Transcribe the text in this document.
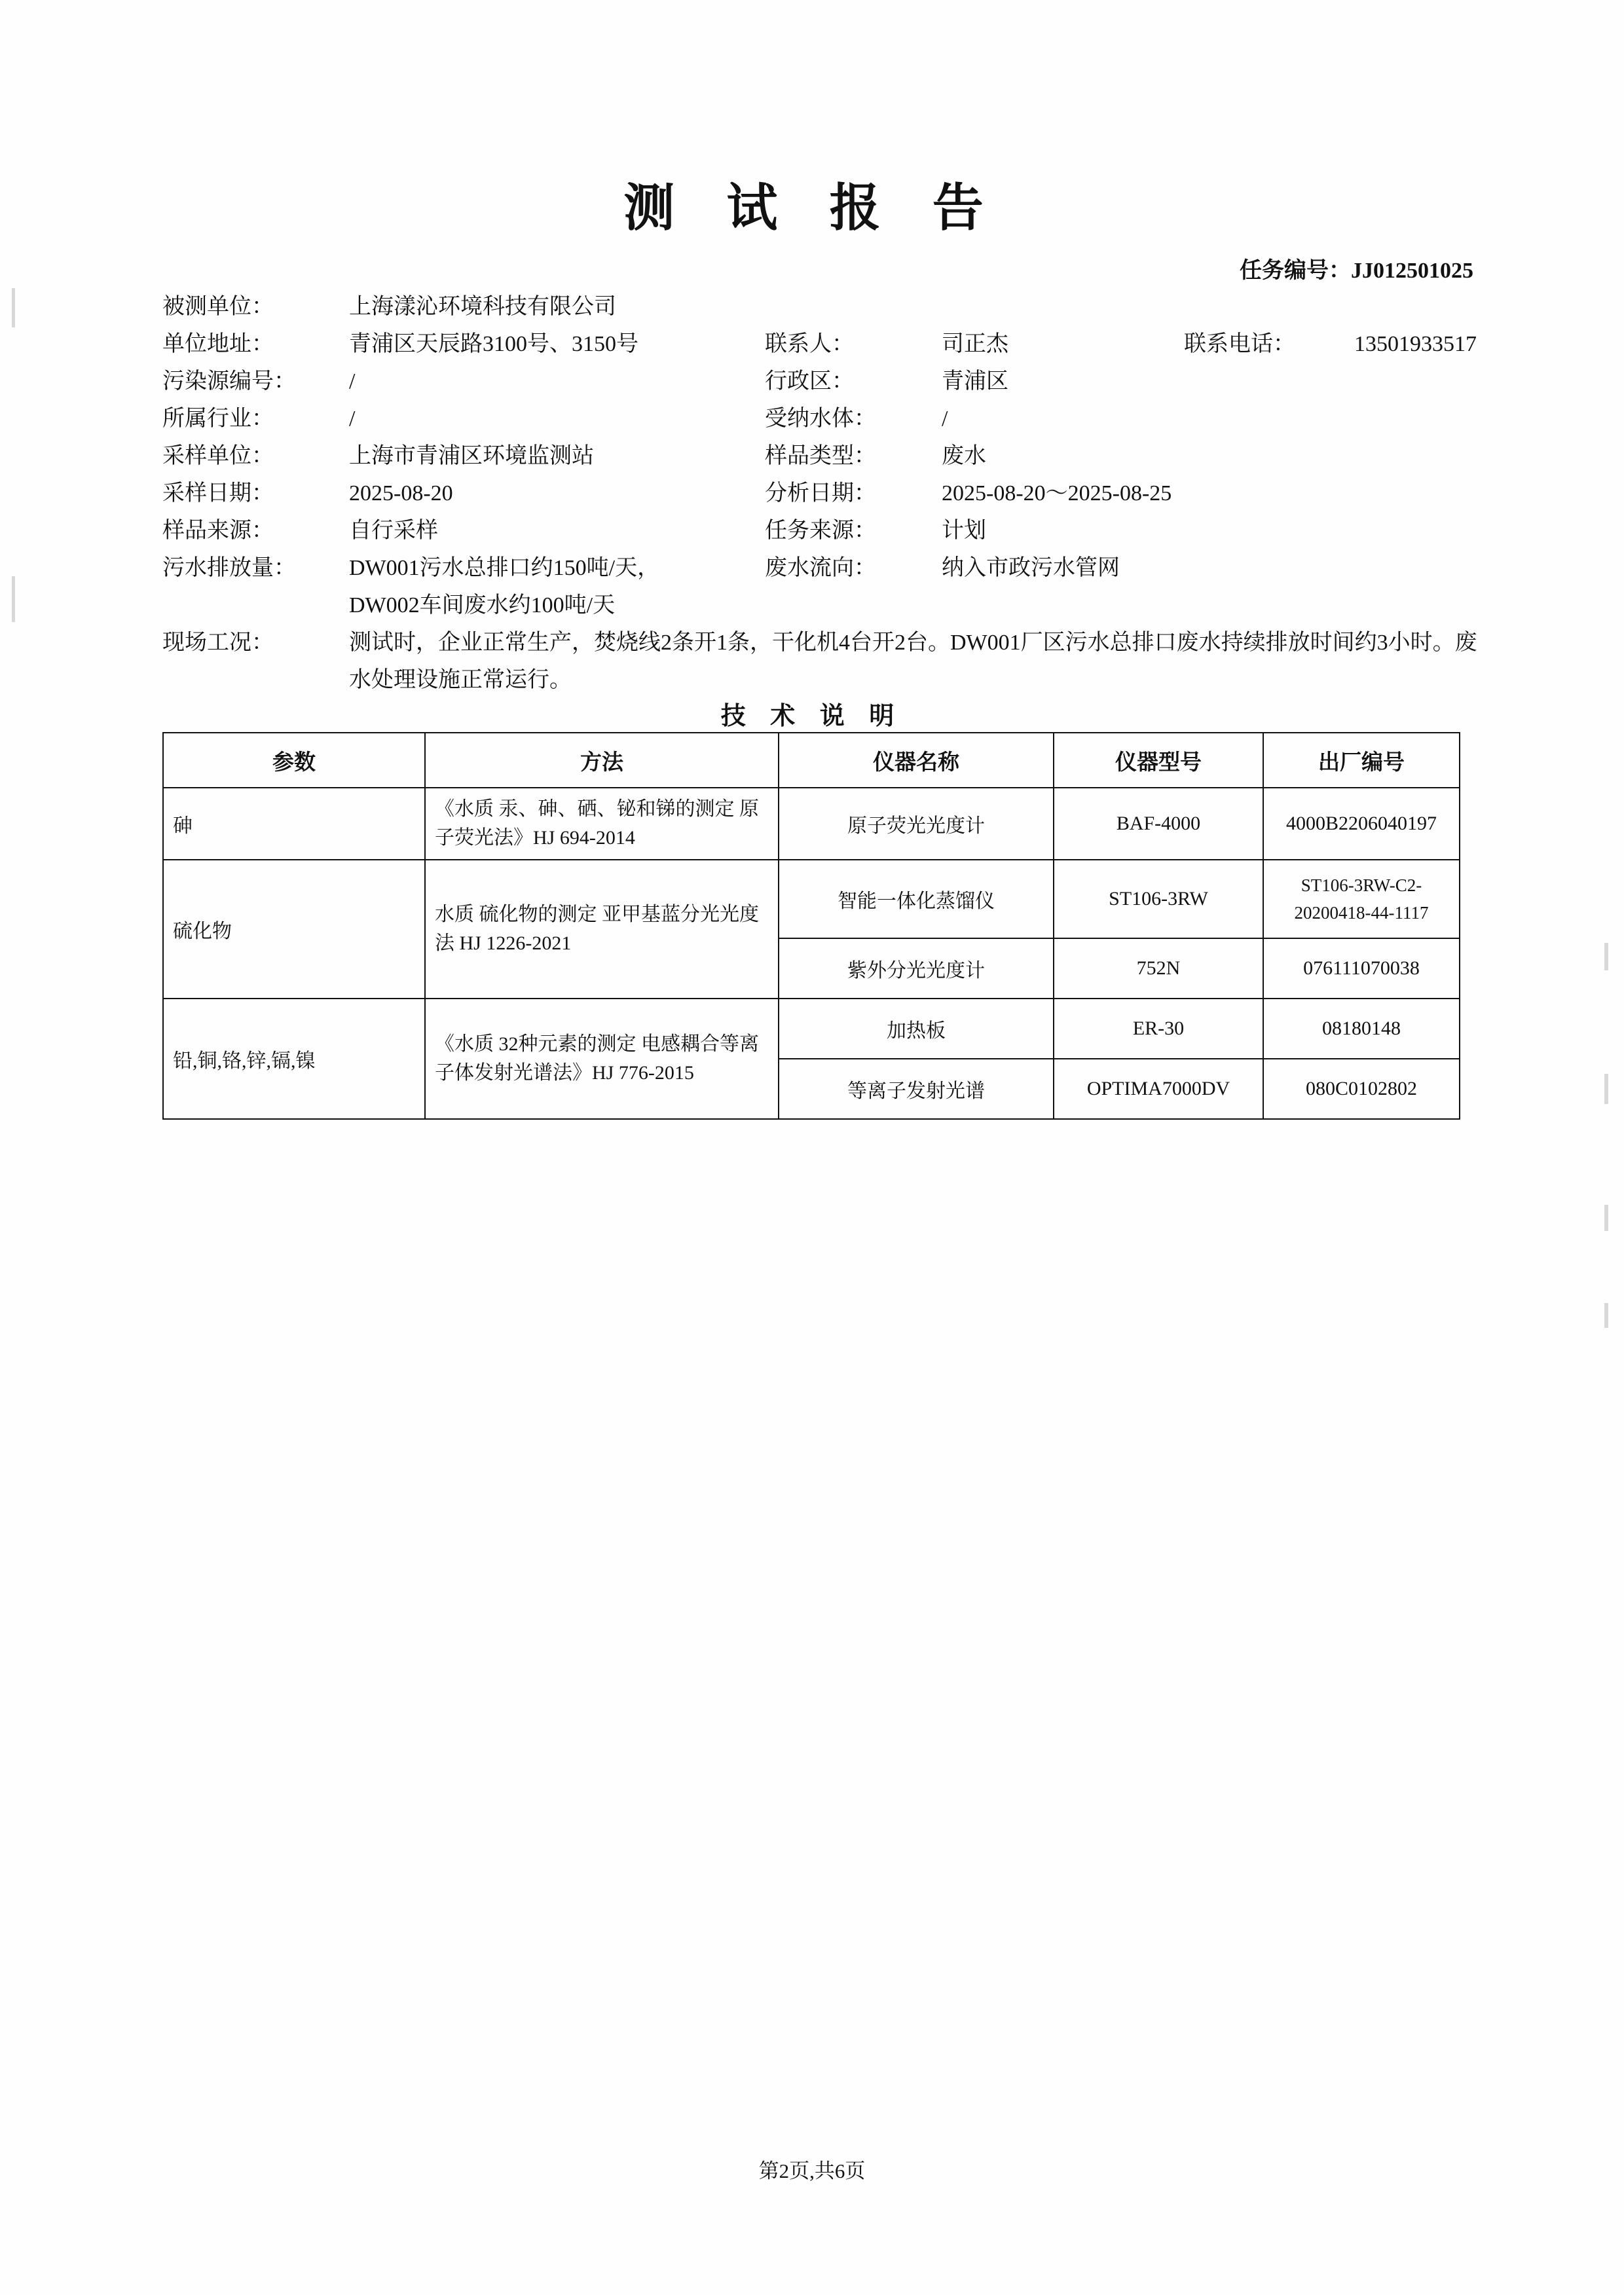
测 试 报 告
任务编号：JJ012501025
被测单位：	上海漾沁环境科技有限公司
单位地址：	青浦区天辰路3100号、3150号	联系人：	司正杰	联系电话：	13501933517
污染源编号：	/	行政区：	青浦区
所属行业：	/	受纳水体：	/
采样单位：	上海市青浦区环境监测站	样品类型：	废水
采样日期：	2025-08-20	分析日期：	2025-08-20～2025-08-25
样品来源：	自行采样	任务来源：	计划
污水排放量：	DW001污水总排口约150吨/天，
DW002车间废水约100吨/天
废水流向：	纳入市政污水管网
现场工况：	测试时，企业正常生产，焚烧线2条开1条，干化机4台开2台。DW001厂区污水总排口废水持续排放时间约3小时。废水处理设施正常运行。
技 术 说 明
参数	方法	仪器名称	仪器型号	出厂编号
砷	《水质 汞、砷、硒、铋和锑的测定 原子荧光法》HJ 694-2014	原子荧光光度计	BAF-4000	4000B2206040197
硫化物	水质 硫化物的测定 亚甲基蓝分光光度法 HJ 1226-2021	智能一体化蒸馏仪	ST106-3RW	ST106-3RW-C2-20200418-44-1117
		紫外分光光度计	752N	076111070038
铅,铜,铬,锌,镉,镍	《水质 32种元素的测定 电感耦合等离子体发射光谱法》HJ 776-2015	加热板	ER-30	08180148
		等离子发射光谱	OPTIMA7000DV	080C0102802
第2页,共6页
